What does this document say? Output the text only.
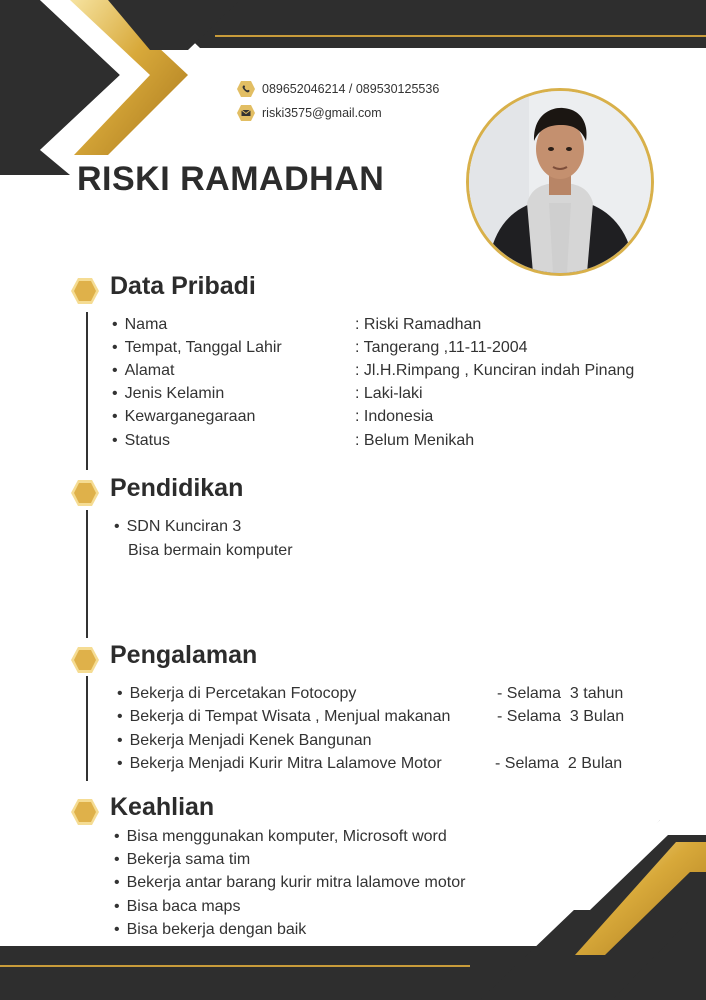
089652046214 / 089530125536
riski3575@gmail.com
RISKI RAMADHAN
Data Pribadi
• Nama	: Riski Ramadhan
• Tempat, Tanggal Lahir	: Tangerang ,11-11-2004
• Alamat	: Jl.H.Rimpang , Kunciran indah Pinang
• Jenis Kelamin	: Laki-laki
• Kewarganegaraan	: Indonesia
• Status	: Belum Menikah
Pendidikan
• SDN Kunciran 3
Bisa bermain komputer
Pengalaman
• Bekerja di Percetakan Fotocopy	- Selama  3 tahun
• Bekerja di Tempat Wisata , Menjual makanan	- Selama  3 Bulan
• Bekerja Menjadi Kenek Bangunan
• Bekerja Menjadi Kurir Mitra Lalamove Motor	- Selama  2 Bulan
Keahlian
• Bisa menggunakan komputer, Microsoft word
• Bekerja sama tim
• Bekerja antar barang kurir mitra lalamove motor
• Bisa baca maps
• Bisa bekerja dengan baik
